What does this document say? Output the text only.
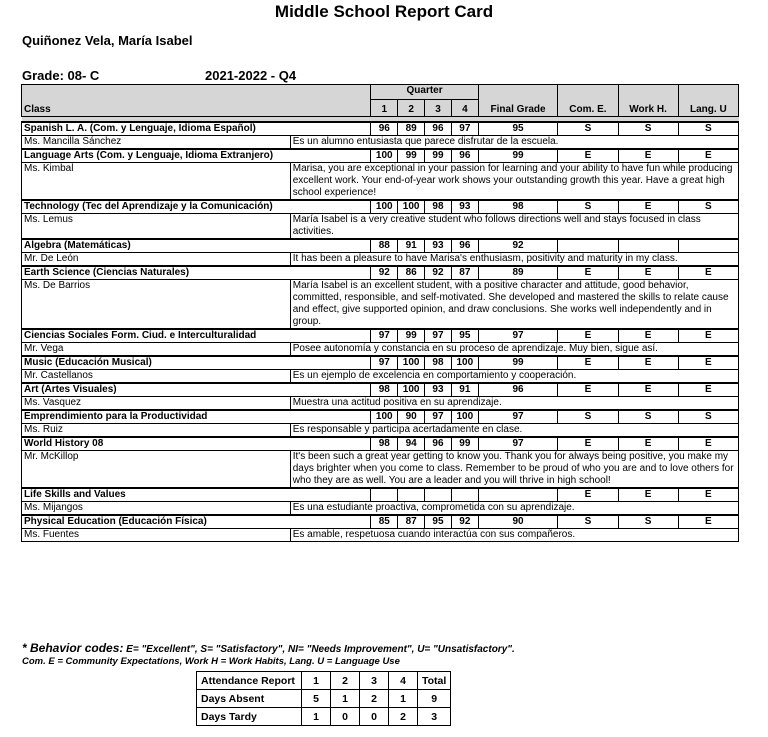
Middle School Report Card
Quiñonez Vela, María Isabel
Grade: 08- C	2021-2022 - Q4
Class		Quarter				Final Grade	Com. E.	Work H.	Lang. U
		1	2	3	4				

Spanish L. A. (Com. y Lenguaje, Idioma Español)		96	89	96	97	95	S	S	S
Ms. Mancilla Sánchez	Es un alumno entusiasta que parece disfrutar de la escuela.								
Language Arts (Com. y Lenguaje, Idioma Extranjero)		100	99	99	96	99	E	E	E
Ms. Kimbal	Marisa, you are exceptional in your passion for learning and your ability to have fun while producing excellent work. Your end-of-year work shows your outstanding growth this year. Have a great high school experience!								
Technology (Tec del Aprendizaje y la Comunicación)		100	100	98	93	98	S	E	S
Ms. Lemus	María Isabel is a very creative student who follows directions well and stays focused in class activities.								
Algebra (Matemáticas)		88	91	93	96	92			
Mr. De León	It has been a pleasure to have Marisa's enthusiasm, positivity and maturity in my class.								
Earth Science (Ciencias Naturales)		92	86	92	87	89	E	E	E
Ms. De Barrios	María Isabel is an excellent student, with a positive character and attitude, good behavior, committed, responsible, and self-motivated. She developed and mastered the skills to relate cause and effect, give supported opinion, and draw conclusions. She works well independently and in group.								
Ciencias Sociales Form. Ciud. e Interculturalidad		97	99	97	95	97	E	E	E
Mr. Vega	Posee autonomía y constancia en su proceso de aprendizaje. Muy bien, sigue así.								
Music (Educación Musical)		97	100	98	100	99	E	E	E
Mr. Castellanos	Es un ejemplo de excelencia en comportamiento y cooperación.								
Art (Artes Visuales)		98	100	93	91	96	E	E	E
Ms. Vasquez	Muestra una actitud positiva en su aprendizaje.								
Emprendimiento para la Productividad		100	90	97	100	97	S	S	S
Ms. Ruiz	Es responsable y participa acertadamente en clase.								
World History 08		98	94	96	99	97	E	E	E
Mr. McKillop	It's been such a great year getting to know you. Thank you for always being positive, you make my days brighter when you come to class. Remember to be proud of who you are and to love others for who they are as well. You are a leader and you will thrive in high school!								
Life Skills and Values							E	E	E
Ms. Mijangos	Es una estudiante proactiva, comprometida con su aprendizaje.								
Physical Education (Educación Física)		85	87	95	92	90	S	S	E
Ms. Fuentes	Es amable, respetuosa cuando interactúa con sus compañeros.								
* Behavior codes: E= "Excellent", S= "Satisfactory", NI= "Needs Improvement", U= "Unsatisfactory".
Com. E = Community Expectations, Work H = Work Habits, Lang. U = Language Use
Attendance Report	1	2	3	4	Total
Days Absent	5	1	2	1	9
Days Tardy	1	0	0	2	3
